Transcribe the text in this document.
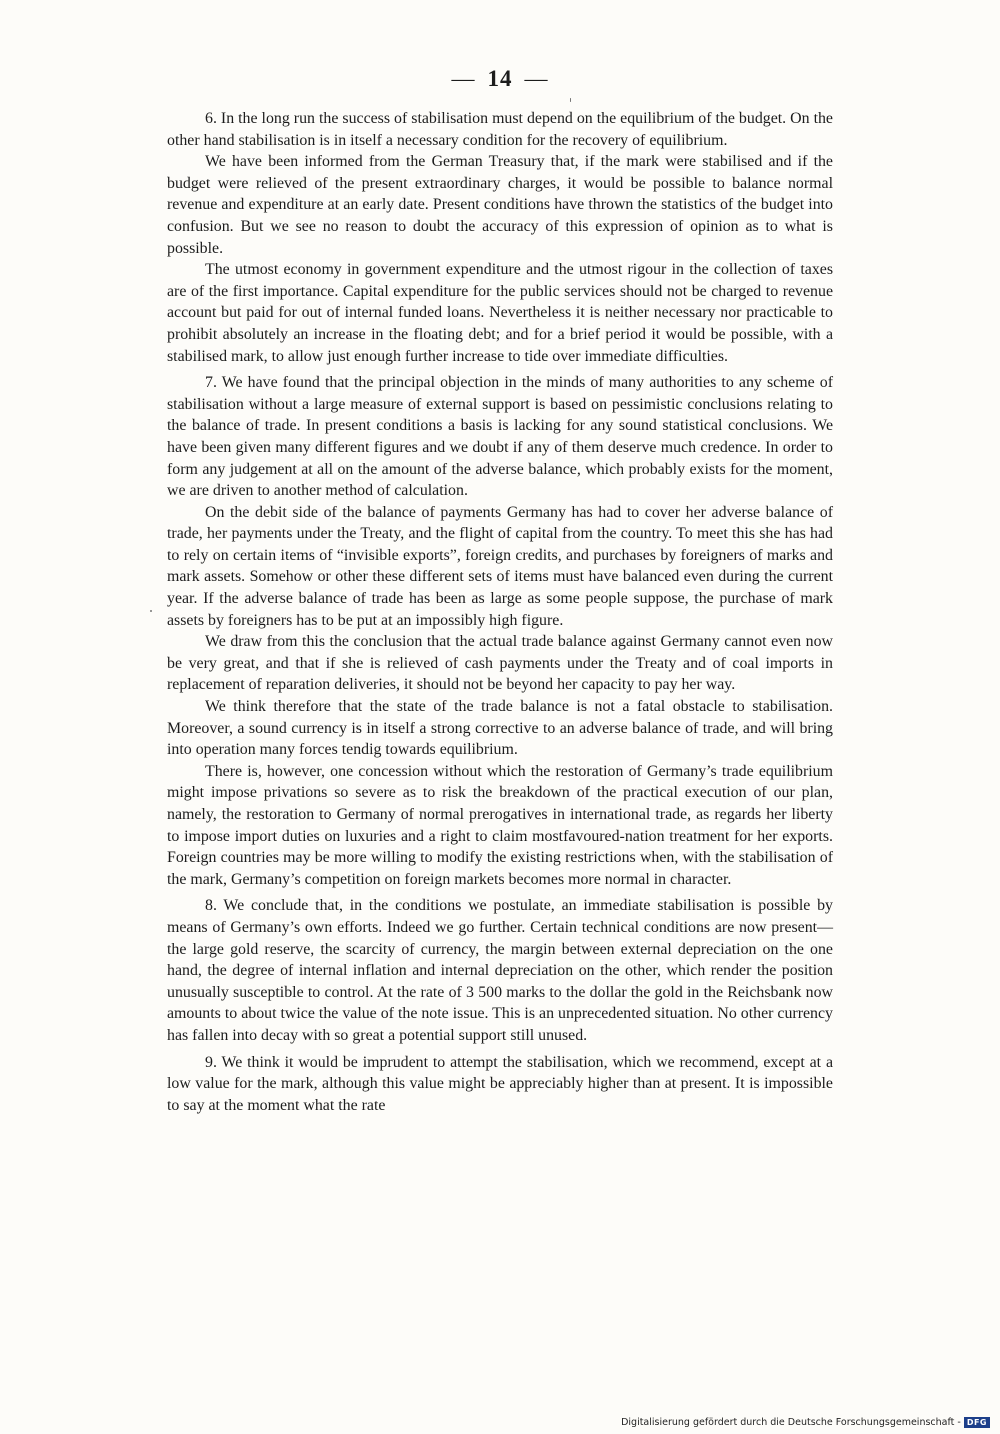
— 14 —

6. In the long run the success of stabilisation must depend on the equilibrium of the budget. On the other hand stabilisation is in itself a necessary condition for the recovery of equilibrium.

We have been informed from the German Treasury that, if the mark were stabilised and if the budget were relieved of the present extraordinary charges, it would be possible to balance normal revenue and expenditure at an early date. Present conditions have thrown the statistics of the budget into confusion. But we see no reason to doubt the accuracy of this expression of opinion as to what is possible.

The utmost economy in government expenditure and the utmost rigour in the collection of taxes are of the first importance. Capital expenditure for the public services should not be charged to revenue account but paid for out of internal funded loans. Nevertheless it is neither necessary nor practicable to prohibit absolutely an increase in the floating debt; and for a brief period it would be possible, with a stabilised mark, to allow just enough further increase to tide over immediate difficulties.

7. We have found that the principal objection in the minds of many authorities to any scheme of stabilisation without a large measure of external support is based on pessimistic conclusions relating to the balance of trade. In present conditions a basis is lacking for any sound statistical conclusions. We have been given many different figures and we doubt if any of them deserve much credence. In order to form any judgement at all on the amount of the adverse balance, which probably exists for the moment, we are driven to another method of calculation.

On the debit side of the balance of payments Germany has had to cover her adverse balance of trade, her payments under the Treaty, and the flight of capital from the country. To meet this she has had to rely on certain items of “invisible exports”, foreign credits, and purchases by foreigners of marks and mark assets. Somehow or other these different sets of items must have balanced even during the current year. If the adverse balance of trade has been as large as some people suppose, the purchase of mark assets by foreigners has to be put at an impossibly high figure.

We draw from this the conclusion that the actual trade balance against Germany cannot even now be very great, and that if she is relieved of cash payments under the Treaty and of coal imports in replacement of reparation deliveries, it should not be beyond her capacity to pay her way.

We think therefore that the state of the trade balance is not a fatal obstacle to stabilisation. Moreover, a sound currency is in itself a strong corrective to an adverse balance of trade, and will bring into operation many forces tendig towards equilibrium.

There is, however, one concession without which the restoration of Germany’s trade equilibrium might impose privations so severe as to risk the breakdown of the practical execution of our plan, namely, the restoration to Germany of normal prerogatives in international trade, as regards her liberty to impose import duties on luxuries and a right to claim mostfavoured-nation treatment for her exports. Foreign countries may be more willing to modify the existing restrictions when, with the stabilisation of the mark, Germany’s competition on foreign markets becomes more normal in character.

8. We conclude that, in the conditions we postulate, an immediate stabilisation is possible by means of Germany’s own efforts. Indeed we go further. Certain technical conditions are now present—the large gold reserve, the scarcity of currency, the margin between external depreciation on the one hand, the degree of internal inflation and internal depreciation on the other, which render the position unusually susceptible to control. At the rate of 3 500 marks to the dollar the gold in the Reichsbank now amounts to about twice the value of the note issue. This is an unprecedented situation. No other currency has fallen into decay with so great a potential support still unused.

9. We think it would be imprudent to attempt the stabilisation, which we recommend, except at a low value for the mark, although this value might be appreciably higher than at present. It is impossible to say at the moment what the rate

Digitalisierung gefördert durch die Deutsche Forschungsgemeinschaft - DFG
